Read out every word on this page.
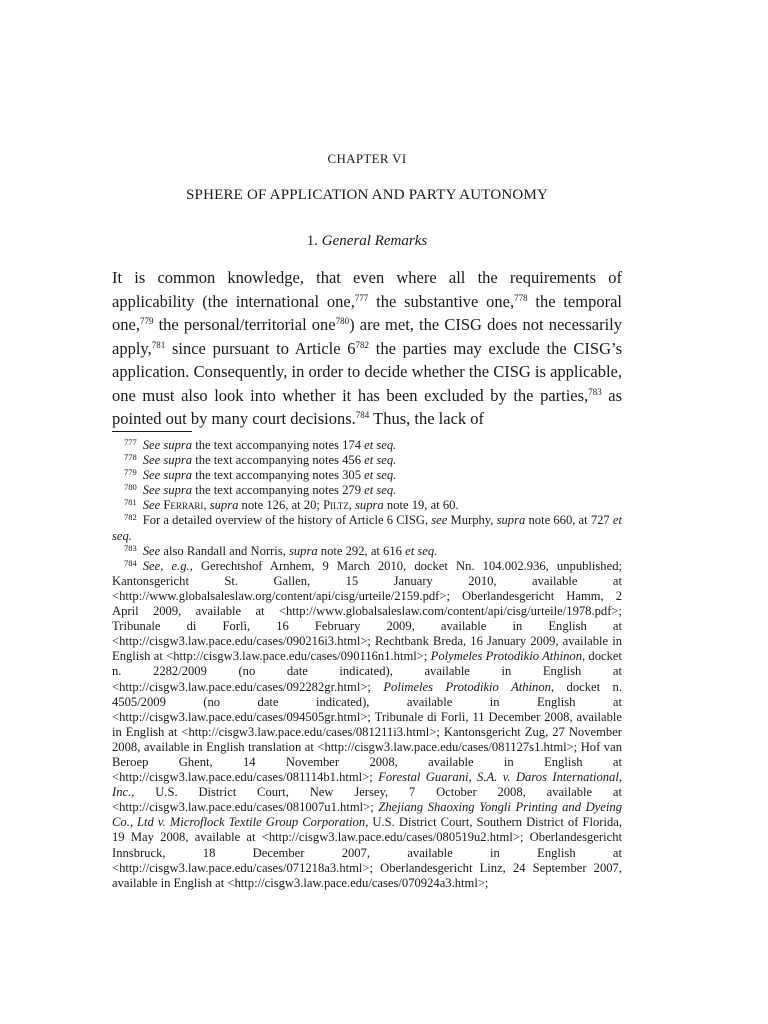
CHAPTER VI
SPHERE OF APPLICATION AND PARTY AUTONOMY
1. General Remarks

It is common knowledge, that even where all the requirements of applicability (the international one,$^{777}$ the substantive one,$^{778}$ the temporal one,$^{779}$ the personal/territorial one$^{780}$) are met, the CISG does not necessarily apply,$^{781}$ since pursuant to Article $6^{782}$ the parties may exclude the CISG’s application. Consequently, in order to decide whether the CISG is applicable, one must also look into whether it has been excluded by the parties,$^{783}$ as pointed out by many court decisions.$^{784}$ Thus, the lack of

777 See supra the text accompanying notes 174 et seq.

778 See supra the text accompanying notes 456 et seq.

779 See supra the text accompanying notes 305 et seq.

780 See supra the text accompanying notes 279 et seq.

781 See Ferrari, supra note 126, at 20; Piltz, supra note 19, at 60.

782 For a detailed overview of the history of Article 6 CISG, see Murphy, supra note 660, at 727 et seq.

783 See also Randall and Norris, supra note 292, at 616 et seq.

784 See, e.g., Gerechtshof Arnhem, 9 March 2010, docket Nn. 104.002.936, unpublished; Kantonsgericht St. Gallen, 15 January 2010, available at <http://www.globalsaleslaw.org/content/api/cisg/urteile/2159.pdf>; Oberlandesgericht Hamm, 2 April 2009, available at <http://www.globalsaleslaw.com/content/api/cisg/urteile/1978.pdf>; Tribunale di Forlì, 16 February 2009, available in English at <http://cisgw3.law.pace.edu/cases/090216i3.html>; Rechtbank Breda, 16 January 2009, available in English at <http://cisgw3.law.pace.edu/cases/090116n1.html>; Polymeles Protodikio Athinon, docket n. 2282/2009 (no date indicated), available in English at <http://cisgw3.law.pace.edu/cases/092282gr.html>; Polimeles Protodikio Athinon, docket n. 4505/2009 (no date indicated), available in English at <http://cisgw3.law.pace.edu/cases/094505gr.html>; Tribunale di Forlì, 11 December 2008, available in English at <http://cisgw3.law.pace.edu/cases/081211i3.html>; Kantonsgericht Zug, 27 November 2008, available in English translation at <http://cisgw3.law.pace.edu/cases/081127s1.html>; Hof van Beroep Ghent, 14 November 2008, available in English at <http://cisgw3.law.pace.edu/cases/081114b1.html>; Forestal Guarani, S.A. v. Daros International, Inc., U.S. District Court, New Jersey, 7 October 2008, available at <http://cisgw3.law.pace.edu/cases/081007u1.html>; Zhejiang Shaoxing Yongli Printing and Dyeing Co., Ltd v. Microflock Textile Group Corporation, U.S. District Court, Southern District of Florida, 19 May 2008, available at <http://cisgw3.law.pace.edu/cases/080519u2.html>; Oberlandesgericht Innsbruck, 18 December 2007, available in English at <http://cisgw3.law.pace.edu/cases/071218a3.html>; Oberlandesgericht Linz, 24 September 2007, available in English at <http://cisgw3.law.pace.edu/cases/070924a3.html>;
